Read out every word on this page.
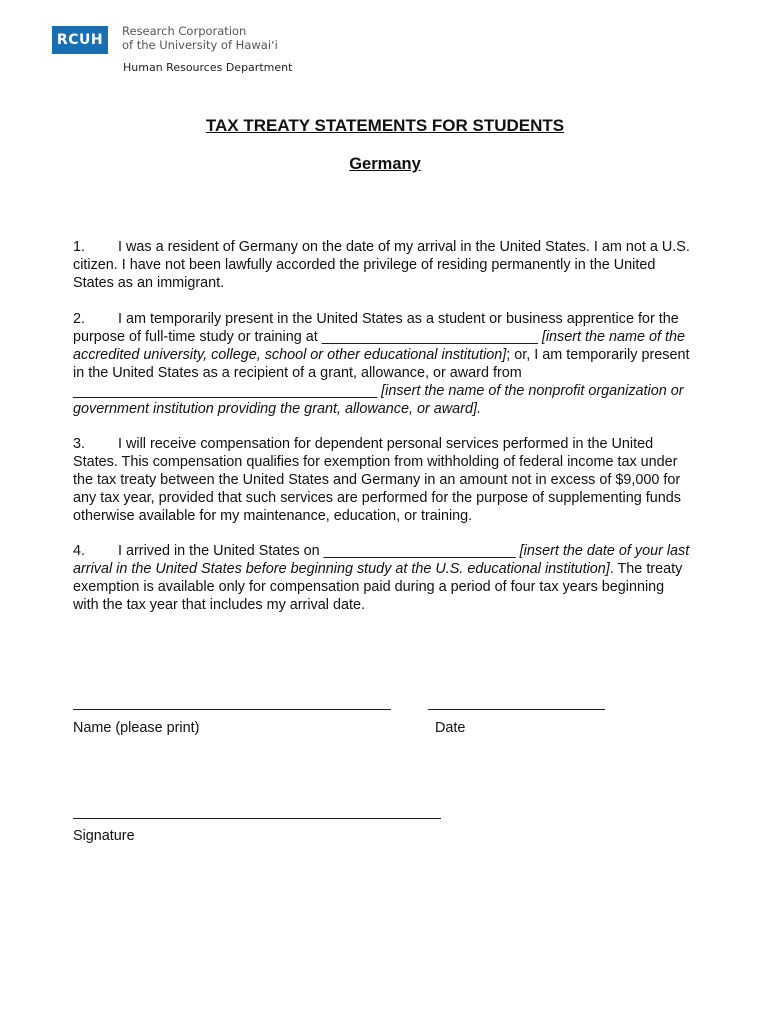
RCUH
Research Corporation
of the University of Hawaiʻi
Human Resources Department
TAX TREATY STATEMENTS FOR STUDENTS
Germany
1. I was a resident of Germany on the date of my arrival in the United States. I am not a U.S. citizen. I have not been lawfully accorded the privilege of residing permanently in the United States as an immigrant.
2. I am temporarily present in the United States as a student or business apprentice for the purpose of full-time study or training at ___________________________ [insert the name of the accredited university, college, school or other educational institution]; or, I am temporarily present in the United States as a recipient of a grant, allowance, or award from ______________________________________ [insert the name of the nonprofit organization or government institution providing the grant, allowance, or award].
3. I will receive compensation for dependent personal services performed in the United States. This compensation qualifies for exemption from withholding of federal income tax under the tax treaty between the United States and Germany in an amount not in excess of $9,000 for any tax year, provided that such services are performed for the purpose of supplementing funds otherwise available for my maintenance, education, or training.
4. I arrived in the United States on ________________________ [insert the date of your last arrival in the United States before beginning study at the U.S. educational institution]. The treaty exemption is available only for compensation paid during a period of four tax years beginning with the tax year that includes my arrival date.
Name (please print)	Date
Signature
